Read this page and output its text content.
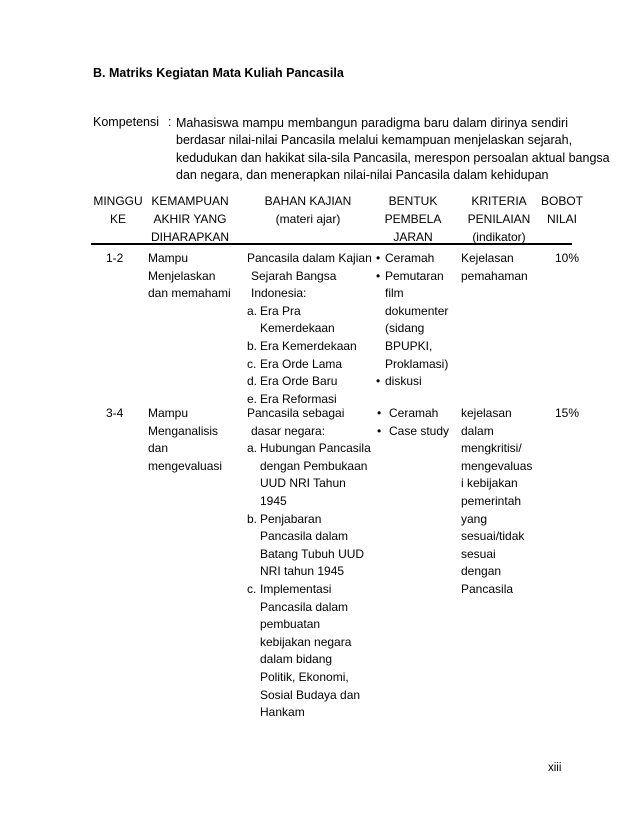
B. Matriks Kegiatan Mata Kuliah Pancasila
Kompetensi : Mahasiswa mampu membangun paradigma baru dalam dirinya sendiri
berdasar nilai-nilai Pancasila melalui kemampuan menjelaskan sejarah,
kedudukan dan hakikat sila-sila Pancasila, merespon persoalan aktual bangsa
dan negara, dan menerapkan nilai-nilai Pancasila dalam kehidupan
MINGGU
KE
KEMAMPUAN
AKHIR YANG
DIHARAPKAN
BAHAN KAJIAN
(materi ajar)
BENTUK
PEMBELA
JARAN
KRITERIA
PENILAIAN
(indikator)
BOBOT
NILAI
1-2 Mampu
Menjelaskan
dan memahami
Pancasila dalam Kajian
Sejarah Bangsa
Indonesia:
a. Era Pra
Kemerdekaan
b. Era Kemerdekaan
c. Era Orde Lama
d. Era Orde Baru
e. Era Reformasi
• Ceramah
• Pemutaran
film
dokumenter
(sidang
BPUPKI,
Proklamasi)
• diskusi
Kejelasan
pemahaman
10%
3-4 Mampu
Menganalisis
dan
mengevaluasi
Pancasila sebagai
dasar negara:
a. Hubungan Pancasila
dengan Pembukaan
UUD NRI Tahun
1945
b. Penjabaran
Pancasila dalam
Batang Tubuh UUD
NRI tahun 1945
c. Implementasi
Pancasila dalam
pembuatan
kebijakan negara
dalam bidang
Politik, Ekonomi,
Sosial Budaya dan
Hankam
• Ceramah
• Case study
kejelasan
dalam
mengkritisi/
mengevaluas
i kebijakan
pemerintah
yang
sesuai/tidak
sesuai
dengan
Pancasila
15%
xiii
